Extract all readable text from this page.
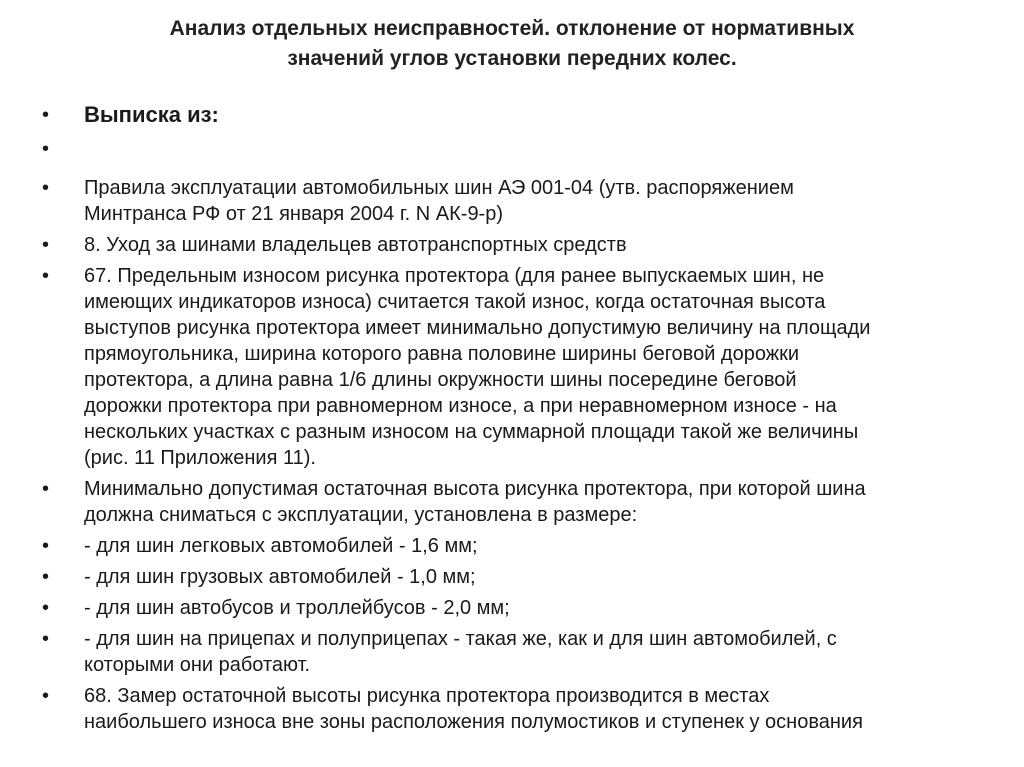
Анализ отдельных неисправностей. отклонение от нормативных
значений углов установки передних колес.
• Выписка из:
•
• Правила эксплуатации автомобильных шин АЭ 001-04 (утв. распоряжением
Минтранса РФ от 21 января 2004 г. N АК-9-р)
• 8. Уход за шинами владельцев автотранспортных средств
• 67. Предельным износом рисунка протектора (для ранее выпускаемых шин, не
имеющих индикаторов износа) считается такой износ, когда остаточная высота
выступов рисунка протектора имеет минимально допустимую величину на площади
прямоугольника, ширина которого равна половине ширины беговой дорожки
протектора, а длина равна 1/6 длины окружности шины посередине беговой
дорожки протектора при равномерном износе, а при неравномерном износе - на
нескольких участках с разным износом на суммарной площади такой же величины
(рис. 11 Приложения 11).
• Минимально допустимая остаточная высота рисунка протектора, при которой шина
должна сниматься с эксплуатации, установлена в размере:
• - для шин легковых автомобилей - 1,6 мм;
• - для шин грузовых автомобилей - 1,0 мм;
• - для шин автобусов и троллейбусов - 2,0 мм;
• - для шин на прицепах и полуприцепах - такая же, как и для шин автомобилей, с
которыми они работают.
• 68. Замер остаточной высоты рисунка протектора производится в местах
наибольшего износа вне зоны расположения полумостиков и ступенек у основания
